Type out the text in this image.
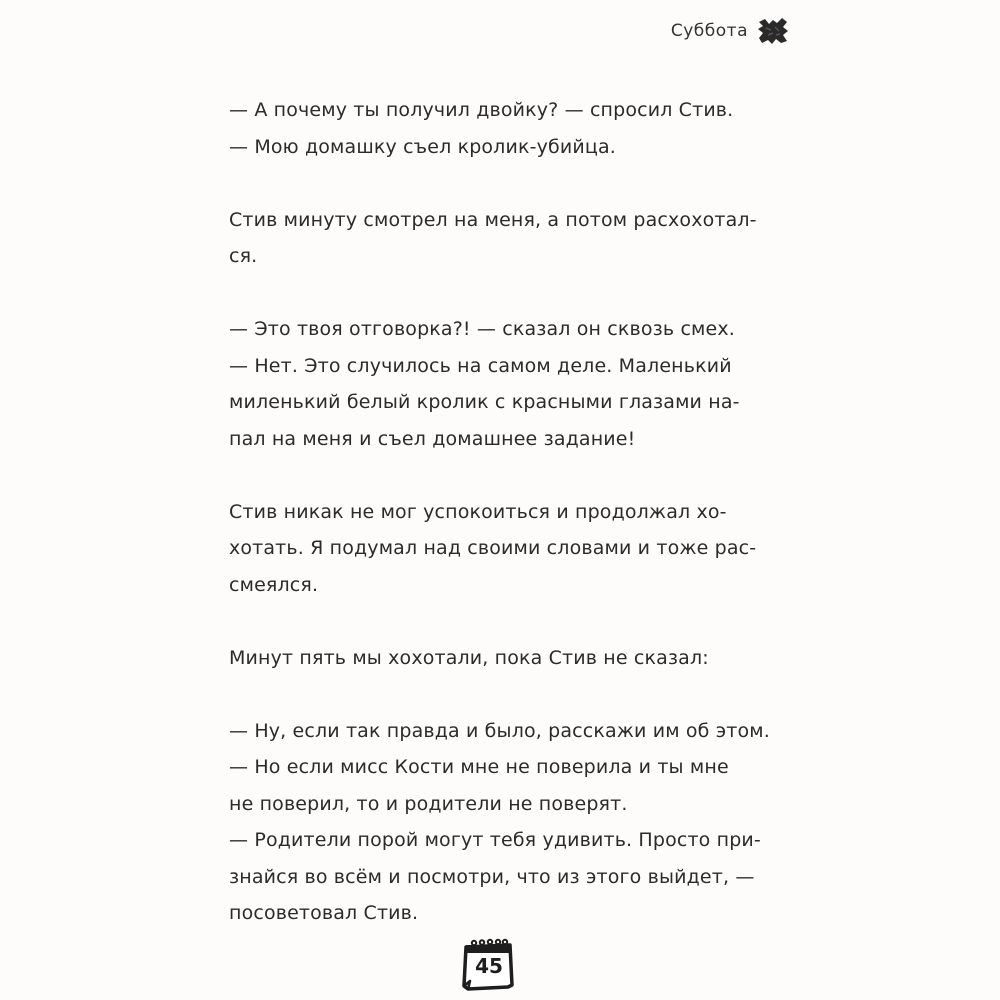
Суббота
— А почему ты получил двойку? — спросил Стив.
— Мою домашку съел кролик-убийца.
Стив минуту смотрел на меня, а потом расхохотал-
ся.
— Это твоя отговорка?! — сказал он сквозь смех.
— Нет. Это случилось на самом деле. Маленький
миленький белый кролик с красными глазами на-
пал на меня и съел домашнее задание!
Стив никак не мог успокоиться и продолжал хо-
хотать. Я подумал над своими словами и тоже рас-
смеялся.
Минут пять мы хохотали, пока Стив не сказал:
— Ну, если так правда и было, расскажи им об этом.
— Но если мисс Кости мне не поверила и ты мне
не поверил, то и родители не поверят.
— Родители порой могут тебя удивить. Просто при-
знайся во всём и посмотри, что из этого выйдет, —
посоветовал Стив.
45
